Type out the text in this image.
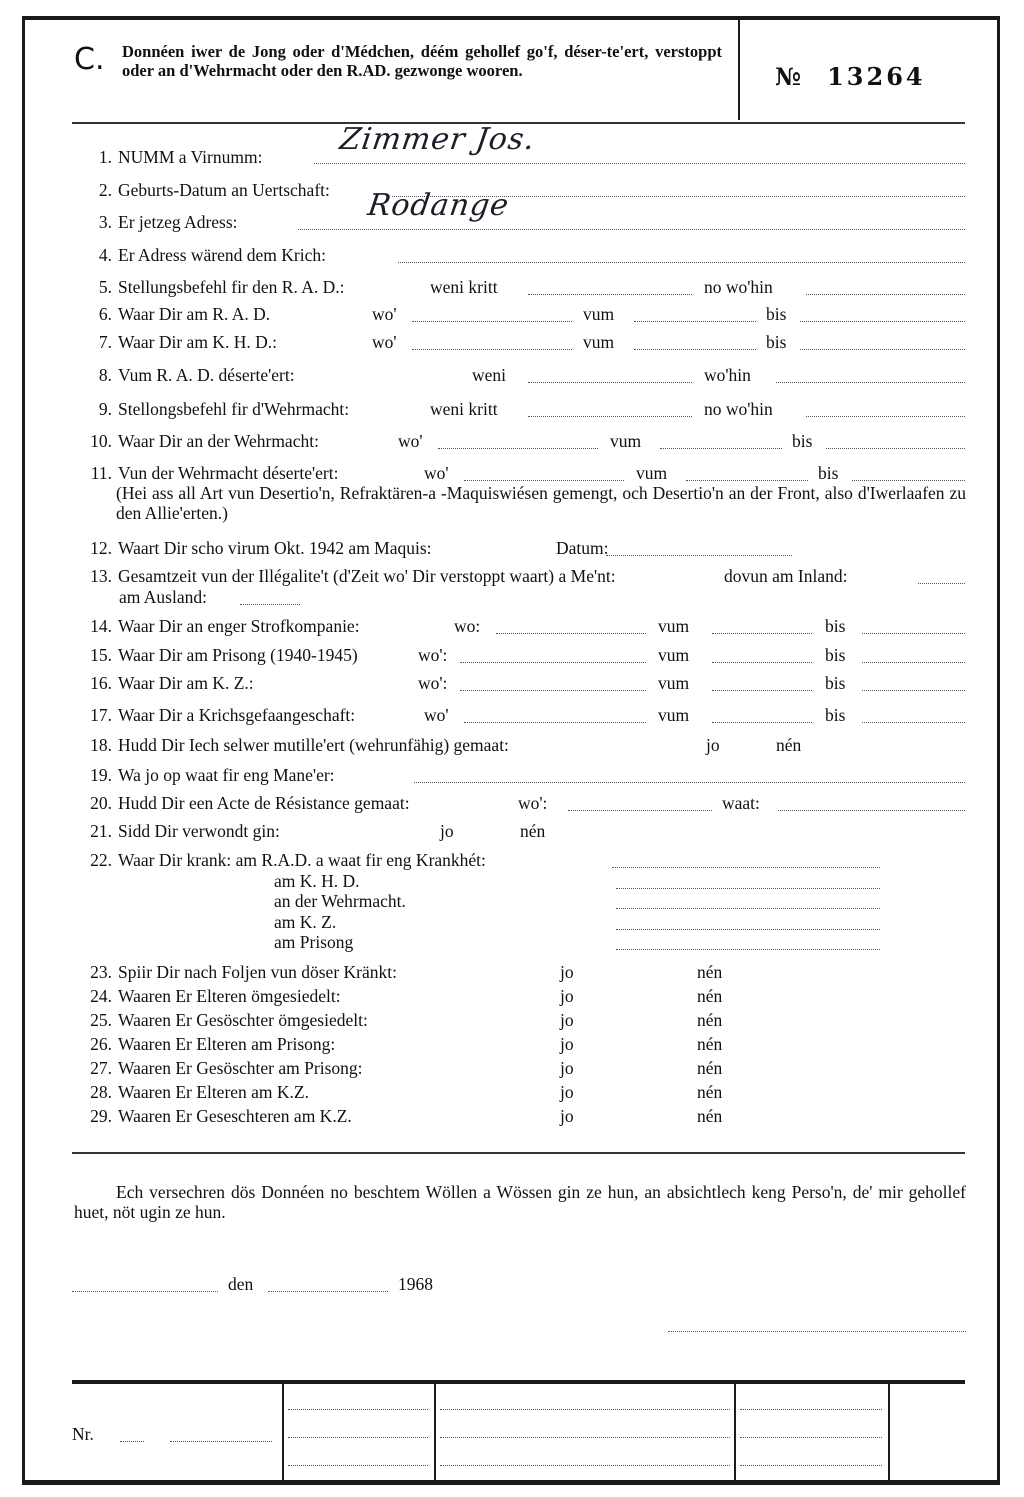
C. Donnéen iwer de Jong oder d'Médchen, déém gehollef go'f, déser-te'ert, verstoppt oder an d'Wehrmacht oder den R.AD. gezwonge wooren.	№ 13264
1. NUMM a Virnumm:	Zimmer Jos.
2. Geburts-Datum an Uertschaft:
3. Er jetzeg Adress:	Rodange
4. Er Adress wärend dem Krich:
5. Stellungsbefehl fir den R. A. D.:	weni kritt	no wo'hin
6. Waar Dir am R. A. D.	wo'	vum	bis
7. Waar Dir am K. H. D.:	wo'	vum	bis
8. Vum R. A. D. déserte'ert:	weni	wo'hin
9. Stellongsbefehl fir d'Wehrmacht:	weni kritt	no wo'hin
10. Waar Dir an der Wehrmacht:	wo'	vum	bis
11. Vun der Wehrmacht déserte'ert:	wo'	vum	bis
(Hei ass all Art vun Desertio'n, Refraktären-a -Maquiswiésen gemengt, och Desertio'n an der Front, also d'Iwerlaafen zu den Allie'erten.)
12. Waart Dir scho virum Okt. 1942 am Maquis:	Datum:
13. Gesamtzeit vun der Illégalite't (d'Zeit wo' Dir verstoppt waart) a Me'nt:	dovun am Inland:
am Ausland:
14. Waar Dir an enger Strofkompanie:	wo:	vum	bis
15. Waar Dir am Prisong (1940-1945)	wo':	vum	bis
16. Waar Dir am K. Z.:	wo':	vum	bis
17. Waar Dir a Krichsgefaangeschaft:	wo'	vum	bis
18. Hudd Dir Iech selwer mutille'ert (wehrunfähig) gemaat:	jo	nén
19. Wa jo op waat fir eng Mane'er:
20. Hudd Dir een Acte de Résistance gemaat:	wo':	waat:
21. Sidd Dir verwondt gin:	jo	nén
22. Waar Dir krank: am R.A.D. a waat fir eng Krankhét:
am K. H. D.
an der Wehrmacht.
am K. Z.
am Prisong
23. Spiir Dir nach Foljen vun döser Kränkt:	jo	nén
24. Waaren Er Elteren ömgesiedelt:	jo	nén
25. Waaren Er Gesöschter ömgesiedelt:	jo	nén
26. Waaren Er Elteren am Prisong:	jo	nén
27. Waaren Er Gesöschter am Prisong:	jo	nén
28. Waaren Er Elteren am K.Z.	jo	nén
29. Waaren Er Geseschteren am K.Z.	jo	nén
Ech versechren dös Donnéen no beschtem Wöllen a Wössen gin ze hun, an absichtlech keng Perso'n, de' mir gehollef huet, nöt ugin ze hun.
den	1968
Nr.
